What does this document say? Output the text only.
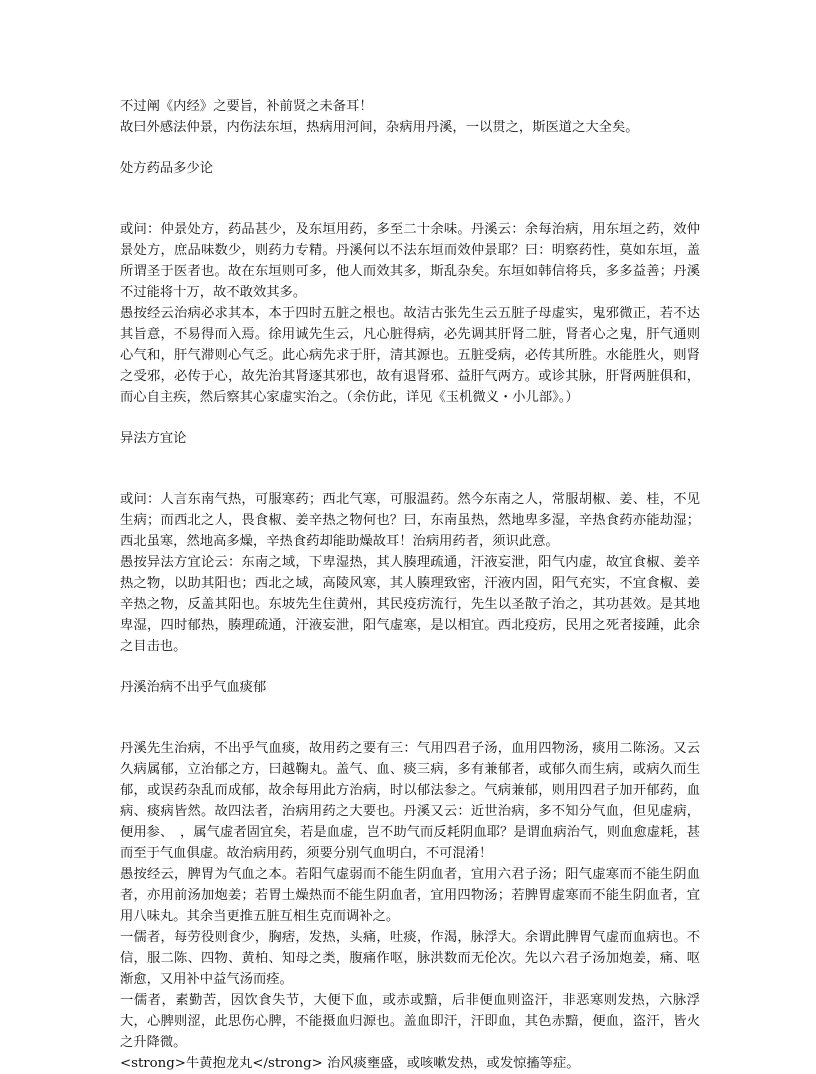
不过阐《内经》之要旨，补前贤之未备耳！

故曰外感法仲景，内伤法东垣，热病用河间，杂病用丹溪，一以贯之，斯医道之大全矣。

处方药品多少论

或问：仲景处方，药品甚少，及东垣用药，多至二十余味。丹溪云：余每治病，用东垣之药，效仲景处方，庶品味数少，则药力专精。丹溪何以不法东垣而效仲景耶？曰：明察药性，莫如东垣，盖所谓圣于医者也。故在东垣则可多，他人而效其多，斯乱杂矣。东垣如韩信将兵，多多益善；丹溪不过能将十万，故不敢效其多。

愚按经云治病必求其本，本于四时五脏之根也。故洁古张先生云五脏子母虚实，鬼邪微正，若不达其旨意，不易得而入焉。徐用诚先生云，凡心脏得病，必先调其肝肾二脏，肾者心之鬼，肝气通则心气和，肝气滞则心气乏。此心病先求于肝，清其源也。五脏受病，必传其所胜。水能胜火，则肾之受邪，必传于心，故先治其肾逐其邪也，故有退肾邪、益肝气两方。或诊其脉，肝肾两脏俱和，而心自主疾，然后察其心家虚实治之。（余仿此，详见《玉机微义・小儿部》。）

异法方宜论

或问：人言东南气热，可服寒药；西北气寒，可服温药。然今东南之人，常服胡椒、姜、桂，不见生病；而西北之人，畏食椒、姜辛热之物何也？曰，东南虽热，然地卑多湿，辛热食药亦能劫湿；西北虽寒，然地高多燥，辛热食药却能助燥故耳！治病用药者，须识此意。

愚按异法方宜论云：东南之域，下卑湿热，其人腠理疏通，汗液妄泄，阳气内虚，故宜食椒、姜辛热之物，以助其阳也；西北之域，高陵风寒，其人腠理致密，汗液内固，阳气充实，不宜食椒、姜辛热之物，反盖其阳也。东坡先生住黄州，其民疫疠流行，先生以圣散子治之，其功甚效。是其地卑湿，四时郁热，腠理疏通，汗液妄泄，阳气虚寒，是以相宜。西北疫疠，民用之死者接踵，此余之目击也。

丹溪治病不出乎气血痰郁

丹溪先生治病，不出乎气血痰，故用药之要有三：气用四君子汤，血用四物汤，痰用二陈汤。又云久病属郁，立治郁之方，曰越鞠丸。盖气、血、痰三病，多有兼郁者，或郁久而生病，或病久而生郁，或误药杂乱而成郁，故余每用此方治病，时以郁法参之。气病兼郁，则用四君子加开郁药，血病、痰病皆然。故四法者，治病用药之大要也。丹溪又云：近世治病，多不知分气血，但见虚病，便用参、　，属气虚者固宜矣，若是血虚，岂不助气而反耗阴血耶？是谓血病治气，则血愈虚耗，甚而至于气血俱虚。故治病用药，须要分别气血明白，不可混淆！

愚按经云，脾胃为气血之本。若阳气虚弱而不能生阴血者，宜用六君子汤；阳气虚寒而不能生阴血者，亦用前汤加炮姜；若胃土燥热而不能生阴血者，宜用四物汤；若脾胃虚寒而不能生阴血者，宜用八味丸。其余当更推五脏互相生克而调补之。

一儒者，每劳役则食少，胸痞，发热，头痛，吐痰，作渴，脉浮大。余谓此脾胃气虚而血病也。不信，服二陈、四物、黄柏、知母之类，腹痛作呕，脉洪数而无伦次。先以六君子汤加炮姜，痛、呕渐愈，又用补中益气汤而痊。

一儒者，素勤苦，因饮食失节，大便下血，或赤或黯，后非便血则盗汗，非恶寒则发热，六脉浮大，心脾则涩，此思伤心脾，不能摄血归源也。盖血即汗，汗即血，其色赤黯，便血，盗汗，皆火之升降微。

<strong>牛黄抱龙丸</strong> 治风痰壅盛，或咳嗽发热，或发惊搐等症。
